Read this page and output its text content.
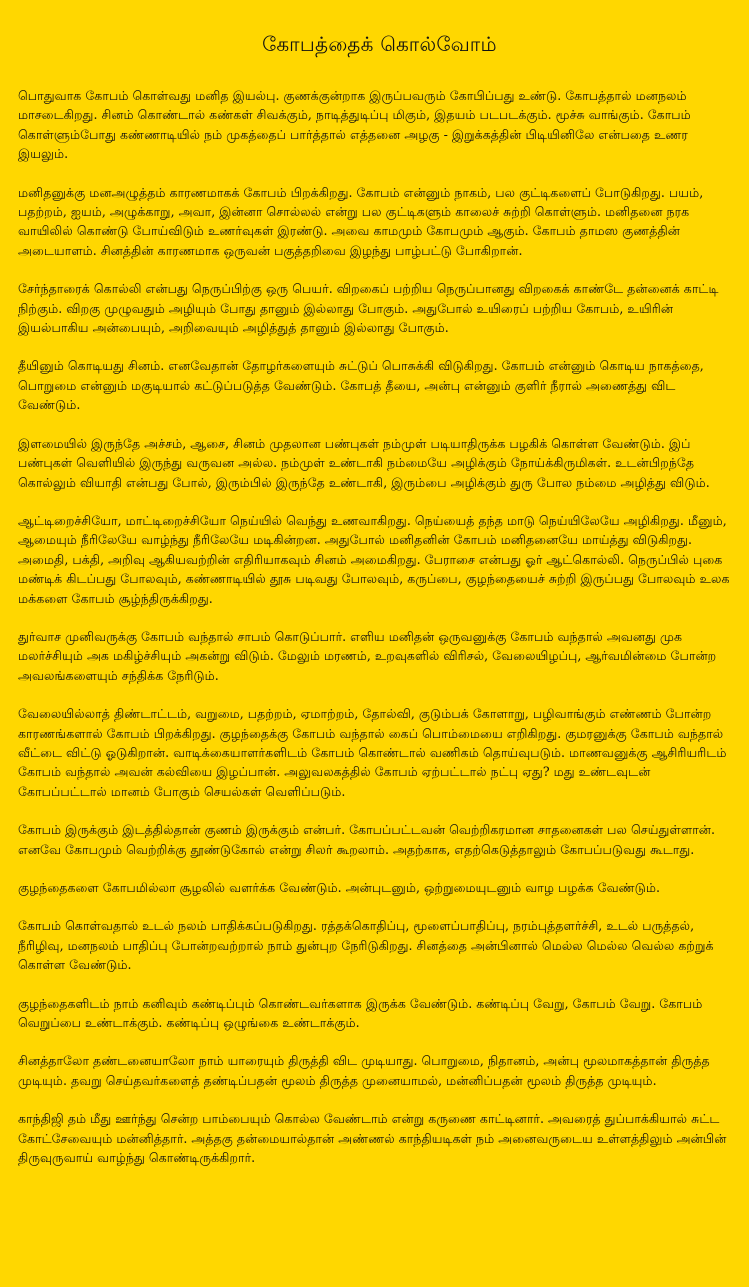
கோபத்தைக் கொல்வோம்

பொதுவாக கோபம் கொள்வது மனித இயல்பு. குணக்குன்றாக இருப்பவரும் கோபிப்பது உண்டு. கோபத்தால் மனநலம் மாசடைகிறது. சினம் கொண்டால் கண்கள் சிவக்கும், நாடித்துடிப்பு மிகும், இதயம் படபடக்கும். மூச்சு வாங்கும். கோபம் கொள்ளும்போது கண்ணாடியில் நம் முகத்தைப் பார்த்தால் எத்தனை அழகு - இறுக்கத்தின் பிடியினிலே என்பதை உணர இயலும்.

மனிதனுக்கு மனஅழுத்தம் காரணமாகக் கோபம் பிறக்கிறது. கோபம் என்னும் நாகம், பல குட்டிகளைப் போடுகிறது. பயம், பதற்றம், ஐயம், அழுக்காறு, அவா, இன்னா சொல்லல் என்று பல குட்டிகளும் காலைச் சுற்றி கொள்ளும். மனிதனை நரக வாயிலில் கொண்டு போய்விடும் உணர்வுகள் இரண்டு. அவை காமமும் கோபமும் ஆகும். கோபம் தாமஸ குணத்தின் அடையாளம். சினத்தின் காரணமாக ஒருவன் பகுத்தறிவை இழந்து பாழ்பட்டு போகிறான்.

சேர்ந்தாரைக் கொல்லி என்பது நெருப்பிற்கு ஒரு பெயர். விறகைப் பற்றிய நெருப்பானது விறகைக் காண்டே தன்னைக் காட்டி நிற்கும். விறகு முழுவதும் அழியும் போது தானும் இல்லாது போகும். அதுபோல் உயிரைப் பற்றிய கோபம், உயிரின் இயல்பாகிய அன்பையும், அறிவையும் அழித்துத் தானும் இல்லாது போகும்.

தீயினும் கொடியது சினம். எனவேதான் தோழர்களையும் சுட்டுப் பொசுக்கி விடுகிறது. கோபம் என்னும் கொடிய நாகத்தை, பொறுமை என்னும் மகுடியால் கட்டுப்படுத்த வேண்டும். கோபத் தீயை, அன்பு என்னும் குளிர் நீரால் அணைத்து விட வேண்டும்.

இளமையில் இருந்தே அச்சம், ஆசை, சினம் முதலான பண்புகள் நம்முள் படியாதிருக்க பழகிக் கொள்ள வேண்டும். இப் பண்புகள் வெளியில் இருந்து வருவன அல்ல. நம்முள் உண்டாகி நம்மையே அழிக்கும் நோய்க்கிருமிகள். உடன்பிறந்தே கொல்லும் வியாதி என்பது போல், இரும்பில் இருந்தே உண்டாகி, இரும்பை அழிக்கும் துரு போல நம்மை அழித்து விடும்.

ஆட்டிறைச்சியோ, மாட்டிறைச்சியோ நெய்யில் வெந்து உணவாகிறது. நெய்யைத் தந்த மாடு நெய்யிலேயே அழிகிறது. மீனும், ஆமையும் நீரிலேயே வாழ்ந்து நீரிலேயே மடிகின்றன. அதுபோல் மனிதனின் கோபம் மனிதனையே மாய்த்து விடுகிறது. அமைதி, பக்தி, அறிவு ஆகியவற்றின் எதிரியாகவும் சினம் அமைகிறது. பேராசை என்பது ஓர் ஆட்கொல்லி. நெருப்பில் புகை மண்டிக் கிடப்பது போலவும், கண்ணாடியில் தூசு படிவது போலவும், கருப்பை, குழந்தையைச் சுற்றி இருப்பது போலவும் உலக மக்களை கோபம் சூழ்ந்திருக்கிறது.

துர்வாச முனிவருக்கு கோபம் வந்தால் சாபம் கொடுப்பார். எளிய மனிதன் ஒருவனுக்கு கோபம் வந்தால் அவனது முக மலர்ச்சியும் அக மகிழ்ச்சியும் அகன்று விடும். மேலும் மரணம், உறவுகளில் விரிசல், வேலையிழப்பு, ஆர்வமின்மை போன்ற அவலங்களையும் சந்திக்க நேரிடும்.

வேலையில்லாத் திண்டாட்டம், வறுமை, பதற்றம், ஏமாற்றம், தோல்வி, குடும்பக் கோளாறு, பழிவாங்கும் எண்ணம் போன்ற காரணங்களால் கோபம் பிறக்கிறது. குழந்தைக்கு கோபம் வந்தால் கைப் பொம்மையை எறிகிறது. குமரனுக்கு கோபம் வந்தால் வீட்டை விட்டு ஓடுகிறான். வாடிக்கையாளர்களிடம் கோபம் கொண்டால் வணிகம் தொய்வுபடும். மாணவனுக்கு ஆசிரியரிடம் கோபம் வந்தால் அவன் கல்வியை இழப்பான். அலுவலகத்தில் கோபம் ஏற்பட்டால் நட்பு ஏது? மது உண்டவுடன் கோபப்பட்டால் மானம் போகும் செயல்கள் வெளிப்படும்.

கோபம் இருக்கும் இடத்தில்தான் குணம் இருக்கும் என்பர். கோபப்பட்டவன் வெற்றிகரமான சாதனைகள் பல செய்துள்ளான். எனவே கோபமும் வெற்றிக்கு தூண்டுகோல் என்று சிலர் கூறலாம். அதற்காக, எதற்கெடுத்தாலும் கோபப்படுவது கூடாது.

குழந்தைகளை கோபமில்லா சூழலில் வளர்க்க வேண்டும். அன்புடனும், ஒற்றுமையுடனும் வாழ பழக்க வேண்டும்.

கோபம் கொள்வதால் உடல் நலம் பாதிக்கப்படுகிறது. ரத்தக்கொதிப்பு, மூளைப்பாதிப்பு, நரம்புத்தளர்ச்சி, உடல் பருத்தல், நீரிழிவு, மனநலம் பாதிப்பு போன்றவற்றால் நாம் துன்புற நேரிடுகிறது. சினத்தை அன்பினால் மெல்ல மெல்ல வெல்ல கற்றுக் கொள்ள வேண்டும்.

குழந்தைகளிடம் நாம் கனிவும் கண்டிப்பும் கொண்டவர்களாக இருக்க வேண்டும். கண்டிப்பு வேறு, கோபம் வேறு. கோபம் வெறுப்பை உண்டாக்கும். கண்டிப்பு ஒழுங்கை உண்டாக்கும்.

சினத்தாலோ தண்டனையாலோ நாம் யாரையும் திருத்தி விட முடியாது. பொறுமை, நிதானம், அன்பு மூலமாகத்தான் திருத்த முடியும். தவறு செய்தவர்களைத் தண்டிப்பதன் மூலம் திருத்த முனையாமல், மன்னிப்பதன் மூலம் திருத்த முடியும்.

காந்திஜி தம் மீது ஊர்ந்து சென்ற பாம்பையும் கொல்ல வேண்டாம் என்று கருணை காட்டினார். அவரைத் துப்பாக்கியால் சுட்ட கோட்சேவையும் மன்னித்தார். அத்தகு தன்மையால்தான் அண்ணல் காந்தியடிகள் நம் அனைவருடைய உள்ளத்திலும் அன்பின் திருவுருவாய் வாழ்ந்து கொண்டிருக்கிறார்.
